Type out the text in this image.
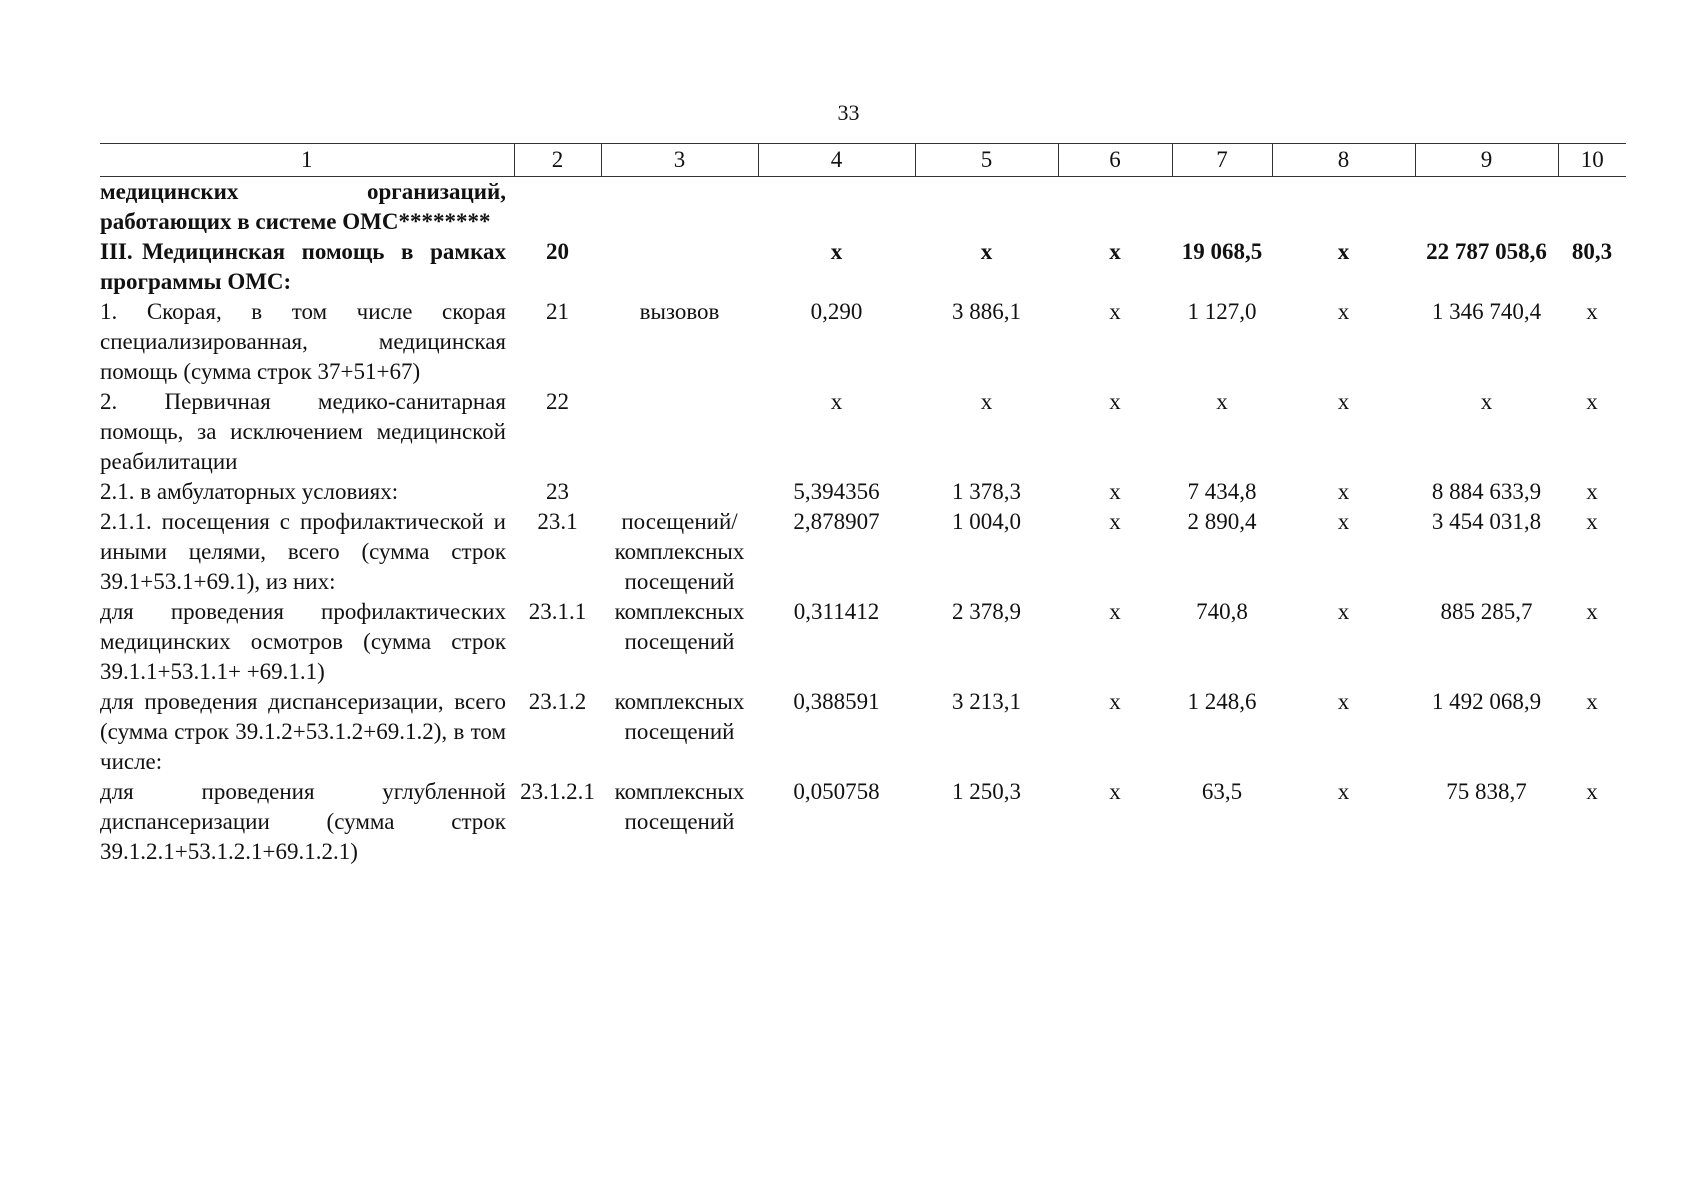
33
1	2	3	4	5	6	7	8	9	10
медицинских организаций, работающих в системе ОМС********									
III. Медицинская помощь в рамках программы ОМС:	20		х	х	х	19 068,5	х	22 787 058,6	80,3
1. Скорая, в том числе скорая специализированная, медицинская помощь (сумма строк 37+51+67)	21	вызовов	0,290	3 886,1	х	1 127,0	х	1 346 740,4	х
2. Первичная медико-санитарная помощь, за исключением медицинской реабилитации	22		х	х	х	х	х	х	х
2.1. в амбулаторных условиях:	23		5,394356	1 378,3	х	7 434,8	х	8 884 633,9	х
2.1.1. посещения с профилактической и иными целями, всего (сумма строк 39.1+53.1+69.1), из них:	23.1	посещений/ комплексных посещений	2,878907	1 004,0	х	2 890,4	х	3 454 031,8	х
для проведения профилактических медицинских осмотров (сумма строк 39.1.1+53.1.1+ +69.1.1)	23.1.1	комплексных посещений	0,311412	2 378,9	х	740,8	х	885 285,7	х
для проведения диспансеризации, всего (сумма строк 39.1.2+53.1.2+69.1.2), в том числе:	23.1.2	комплексных посещений	0,388591	3 213,1	х	1 248,6	х	1 492 068,9	х
для проведения углубленной диспансеризации (сумма строк 39.1.2.1+53.1.2.1+69.1.2.1)	23.1.2.1	комплексных посещений	0,050758	1 250,3	х	63,5	х	75 838,7	х
